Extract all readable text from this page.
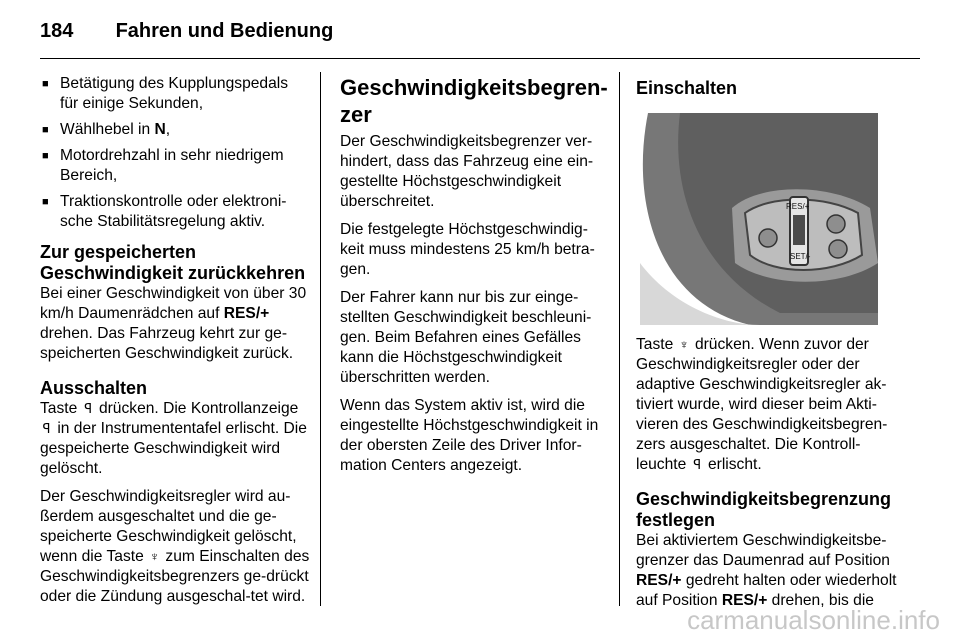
184 Fahren und Bedienung
■ Betätigung des Kupplungspedals für einige Sekunden,
■ Wählhebel in N,
■ Motordrehzahl in sehr niedrigem Bereich,
■ Traktionskontrolle oder elektroni-sche Stabilitätsregelung aktiv.
Zur gespeicherten Geschwindigkeit zurückkehren

Bei einer Geschwindigkeit von über 30 km/h Daumenrädchen auf RES/+ drehen. Das Fahrzeug kehrt zur ge-speicherten Geschwindigkeit zurück.

Ausschalten

Taste ꟼ drücken. Die Kontrollanzeige ꟼ in der Instrumententafel erlischt. Die gespeicherte Geschwindigkeit wird gelöscht.

Der Geschwindigkeitsregler wird au-ßerdem ausgeschaltet und die ge-speicherte Geschwindigkeit gelöscht, wenn die Taste ♆ zum Einschalten des Geschwindigkeitsbegrenzers ge-drückt oder die Zündung ausgeschal-tet wird.

Geschwindigkeitsbegren-zer

Der Geschwindigkeitsbegrenzer ver-hindert, dass das Fahrzeug eine ein-gestellte Höchstgeschwindigkeit überschreitet.

Die festgelegte Höchstgeschwindig-keit muss mindestens 25 km/h betra-gen.

Der Fahrer kann nur bis zur einge-stellten Geschwindigkeit beschleuni-gen. Beim Befahren eines Gefälles kann die Höchstgeschwindigkeit überschritten werden.

Wenn das System aktiv ist, wird die eingestellte Höchstgeschwindigkeit in der obersten Zeile des Driver Infor-mation Centers angezeigt.

Einschalten
RES/+
SET/-

Taste ♆ drücken. Wenn zuvor der Geschwindigkeitsregler oder der adaptive Geschwindigkeitsregler ak-tiviert wurde, wird dieser beim Akti-vieren des Geschwindigkeitsbegren-zers ausgeschaltet. Die Kontroll-leuchte ꟼ erlischt.

Geschwindigkeitsbegrenzung festlegen

Bei aktiviertem Geschwindigkeitsbe-grenzer das Daumenrad auf Position RES/+ gedreht halten oder wiederholt auf Position RES/+ drehen, bis die

carmanualsonline.info
